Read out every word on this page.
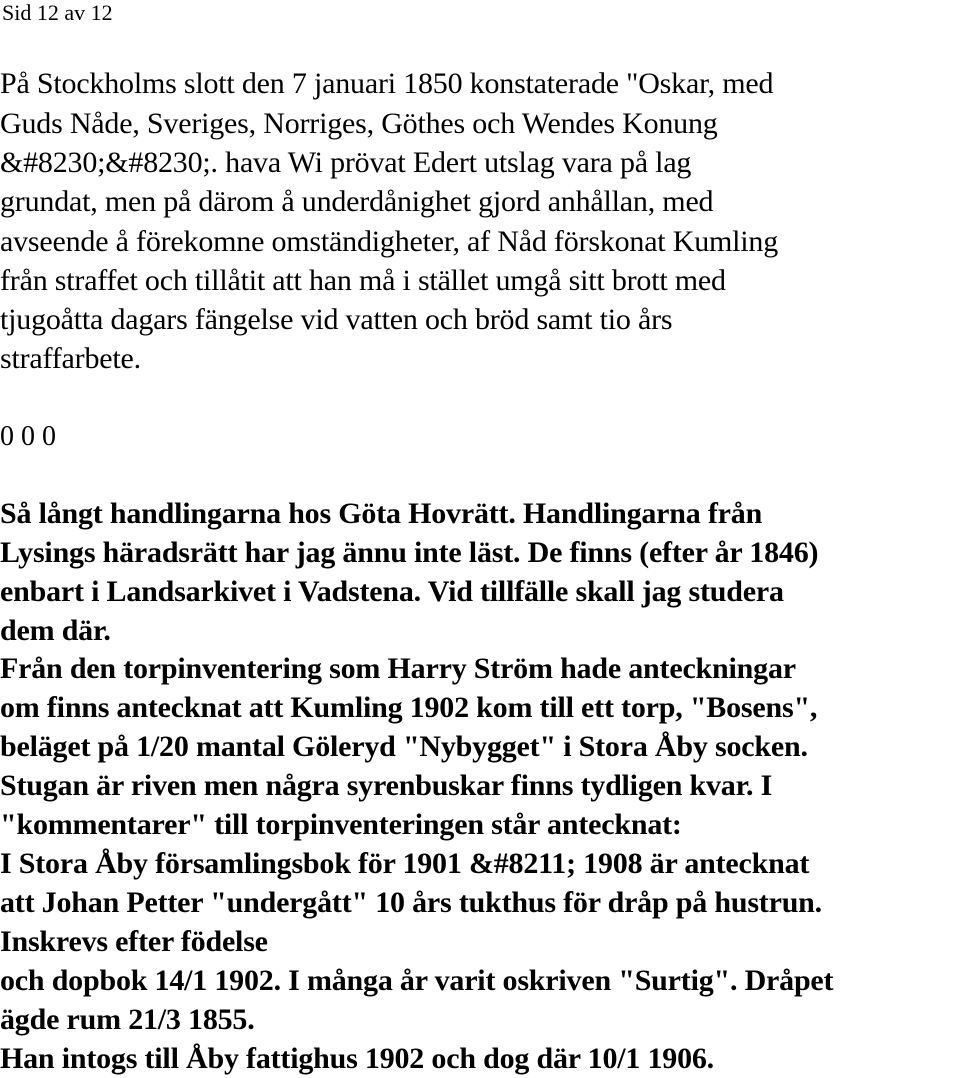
Sid 12 av 12
På Stockholms slott den 7 januari 1850 konstaterade "Oskar, med
Guds Nåde, Sveriges, Norriges, Göthes och Wendes Konung
&#8230;&#8230;. hava Wi prövat Edert utslag vara på lag
grundat, men på därom å underdånighet gjord anhållan, med
avseende å förekomne omständigheter, af Nåd förskonat Kumling
från straffet och tillåtit att han må i stället umgå sitt brott med
tjugoåtta dagars fängelse vid vatten och bröd samt tio års
straffarbete.
0 0 0
Så långt handlingarna hos Göta Hovrätt. Handlingarna från
Lysings häradsrätt har jag ännu inte läst. De finns (efter år 1846)
enbart i Landsarkivet i Vadstena. Vid tillfälle skall jag studera
dem där.
Från den torpinventering som Harry Ström hade anteckningar
om finns antecknat att Kumling 1902 kom till ett torp, "Bosens",
beläget på 1/20 mantal Göleryd "Nybygget" i Stora Åby socken.
Stugan är riven men några syrenbuskar finns tydligen kvar. I
"kommentarer" till torpinventeringen står antecknat:
I Stora Åby församlingsbok för 1901 &#8211; 1908 är antecknat
att Johan Petter "undergått" 10 års tukthus för dråp på hustrun.
Inskrevs efter födelse
och dopbok 14/1 1902. I många år varit oskriven "Surtig". Dråpet
ägde rum 21/3 1855.
Han intogs till Åby fattighus 1902 och dog där 10/1 1906.
